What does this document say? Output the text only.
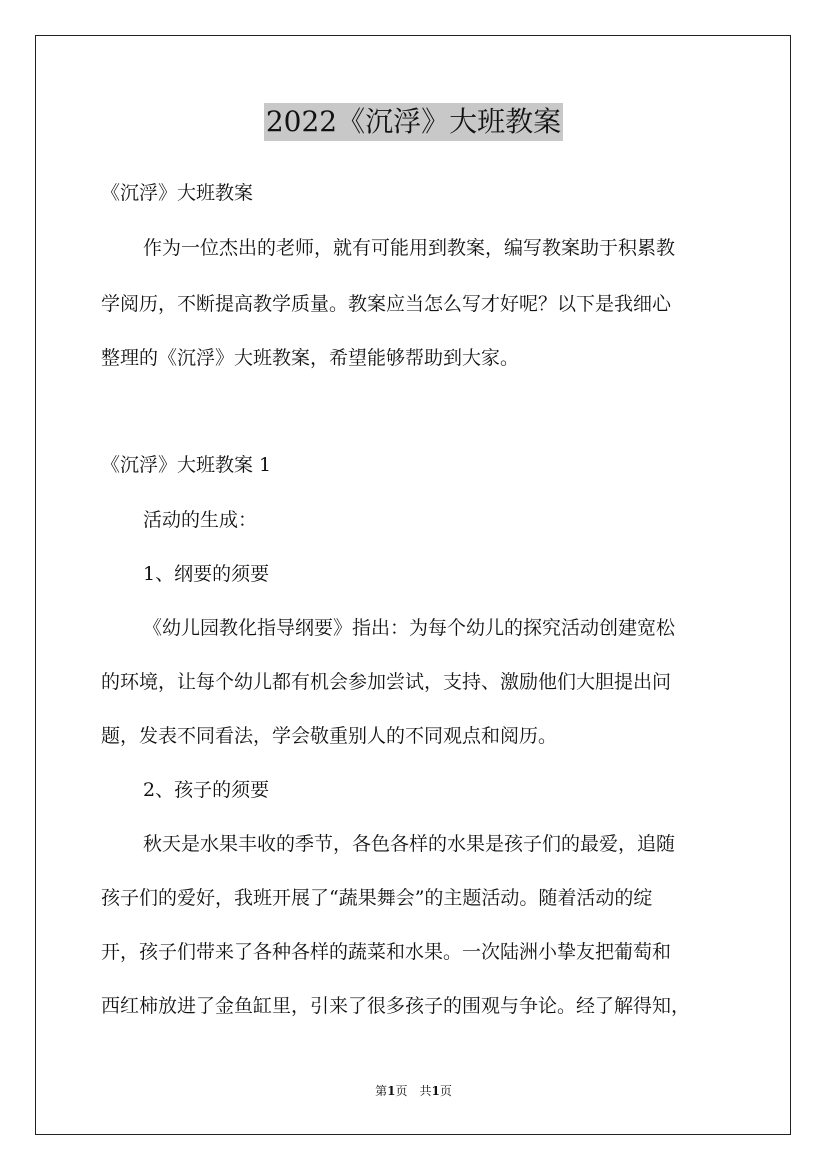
2022《沉浮》大班教案
《沉浮》大班教案
作为一位杰出的老师，就有可能用到教案，编写教案助于积累教
学阅历，不断提高教学质量。教案应当怎么写才好呢？以下是我细心
整理的《沉浮》大班教案，希望能够帮助到大家。
《沉浮》大班教案 1
活动的生成：
1、纲要的须要
《幼儿园教化指导纲要》指出：为每个幼儿的探究活动创建宽松
的环境，让每个幼儿都有机会参加尝试，支持、激励他们大胆提出问
题，发表不同看法，学会敬重别人的不同观点和阅历。
2、孩子的须要
秋天是水果丰收的季节，各色各样的水果是孩子们的最爱，追随
孩子们的爱好，我班开展了“蔬果舞会”的主题活动。随着活动的绽
开，孩子们带来了各种各样的蔬菜和水果。一次陆洲小挚友把葡萄和
西红柿放进了金鱼缸里，引来了很多孩子的围观与争论。经了解得知，
第1页　共1页
